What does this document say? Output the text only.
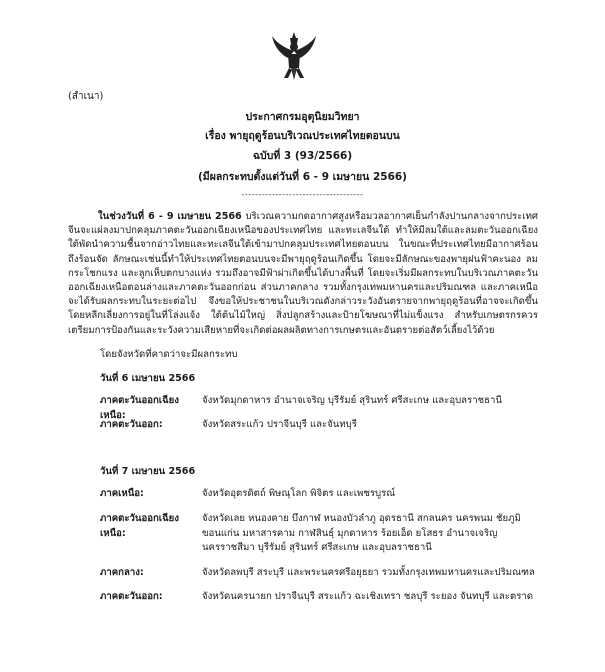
(สำเนา)
ประกาศกรมอุตุนิยมวิทยา
เรื่อง พายุฤดูร้อนบริเวณประเทศไทยตอนบน
ฉบับที่ 3 (93/2566)
(มีผลกระทบตั้งแต่วันที่ 6 - 9 เมษายน 2566)
------------------------------------
ในช่วงวันที่ 6 - 9 เมษายน 2566 บริเวณความกดอากาศสูงหรือมวลอากาศเย็นกำลังปานกลางจากประเทศจีนจะแผ่ลงมาปกคลุมภาคตะวันออกเฉียงเหนือของประเทศไทย และทะเลจีนใต้ ทำให้มีลมใต้และลมตะวันออกเฉียงใต้พัดนำความชื้นจากอ่าวไทยและทะเลจีนใต้เข้ามาปกคลุมประเทศไทยตอนบน ในขณะที่ประเทศไทยมีอากาศร้อนถึงร้อนจัด ลักษณะเช่นนี้ทำให้ประเทศไทยตอนบนจะมีพายุฤดูร้อนเกิดขึ้น โดยจะมีลักษณะของพายุฝนฟ้าคะนอง ลมกระโชกแรง และลูกเห็บตกบางแห่ง รวมถึงอาจมีฟ้าผ่าเกิดขึ้นได้บางพื้นที่ โดยจะเริ่มมีผลกระทบในบริเวณภาคตะวันออกเฉียงเหนือตอนล่างและภาคตะวันออกก่อน ส่วนภาคกลาง รวมทั้งกรุงเทพมหานครและปริมณฑล และภาคเหนือ จะได้รับผลกระทบในระยะต่อไป จึงขอให้ประชาชนในบริเวณดังกล่าวระวังอันตรายจากพายุฤดูร้อนที่อาจจะเกิดขึ้น โดยหลีกเลี่ยงการอยู่ในที่โล่งแจ้ง ใต้ต้นไม้ใหญ่ สิ่งปลูกสร้างและป้ายโฆษณาที่ไม่แข็งแรง สำหรับเกษตรกรควรเตรียมการป้องกันและระวังความเสียหายที่จะเกิดต่อผลผลิตทางการเกษตรและอันตรายต่อสัตว์เลี้ยงไว้ด้วย
โดยจังหวัดที่คาดว่าจะมีผลกระทบ
วันที่ 6 เมษายน 2566
ภาคตะวันออกเฉียงเหนือ:
จังหวัดมุกดาหาร อำนาจเจริญ บุรีรัมย์ สุรินทร์ ศรีสะเกษ และอุบลราชธานี
ภาคตะวันออก:	จังหวัดสระแก้ว ปราจีนบุรี และจันทบุรี
วันที่ 7 เมษายน 2566
ภาคเหนือ:	จังหวัดอุตรดิตถ์ พิษณุโลก พิจิตร และเพชรบูรณ์
ภาคตะวันออกเฉียงเหนือ:
จังหวัดเลย หนองคาย บึงกาฬ หนองบัวลำภู อุดรธานี สกลนคร นครพนม ชัยภูมิ ขอนแก่น มหาสารคาม กาฬสินธุ์ มุกดาหาร ร้อยเอ็ด ยโสธร อำนาจเจริญ นครราชสีมา บุรีรัมย์ สุรินทร์ ศรีสะเกษ และอุบลราชธานี
ภาคกลาง:	จังหวัดลพบุรี สระบุรี และพระนครศรีอยุธยา รวมทั้งกรุงเทพมหานครและปริมณฑล
ภาคตะวันออก:	จังหวัดนครนายก ปราจีนบุรี สระแก้ว ฉะเชิงเทรา ชลบุรี ระยอง จันทบุรี และตราด
